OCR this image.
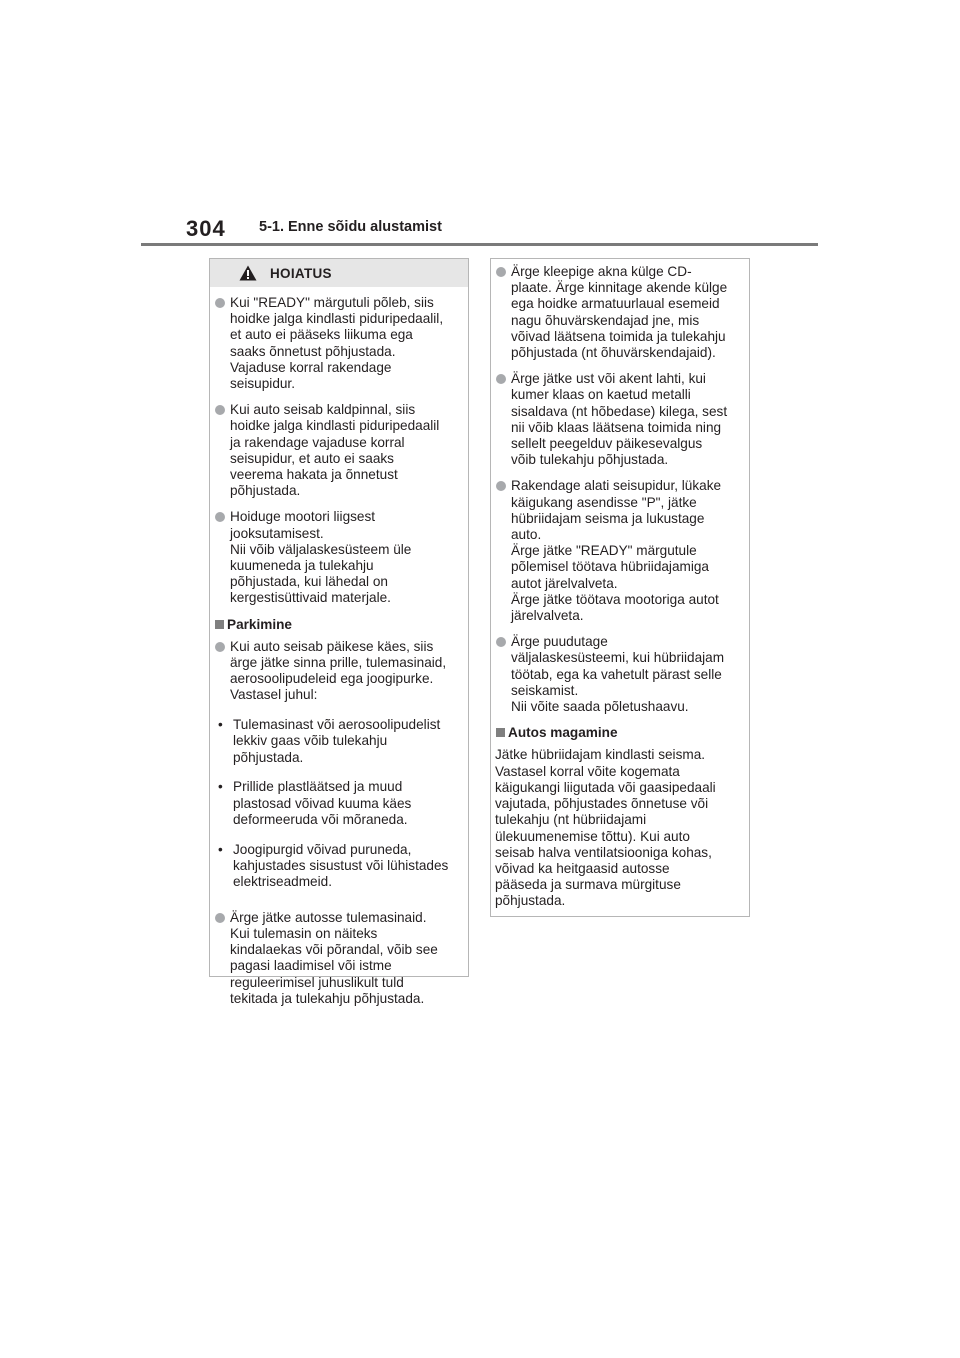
304 5-1. Enne sõidu alustamist
HOIATUS

Kui "READY" märgutuli põleb, siis
hoidke jalga kindlasti piduripedaalil,
et auto ei pääseks liikuma ega
saaks õnnetust põhjustada.
Vajaduse korral rakendage
seisupidur.

Kui auto seisab kaldpinnal, siis
hoidke jalga kindlasti piduripedaalil
ja rakendage vajaduse korral
seisupidur, et auto ei saaks
veerema hakata ja õnnetust
põhjustada.

Hoiduge mootori liigsest
jooksutamisest.
Nii võib väljalaskesüsteem üle
kuumeneda ja tulekahju
põhjustada, kui lähedal on
kergestisüttivaid materjale.

Parkimine

Kui auto seisab päikese käes, siis
ärge jätke sinna prille, tulemasinaid,
aerosoolipudeleid ega joogipurke.
Vastasel juhul:

• Tulemasinast või aerosoolipudelist
lekkiv gaas võib tulekahju
põhjustada.

• Prillide plastläätsed ja muud
plastosad võivad kuuma käes
deformeeruda või mõraneda.

• Joogipurgid võivad puruneda,
kahjustades sisustust või lühistades
elektriseadmeid.

Ärge jätke autosse tulemasinaid.
Kui tulemasin on näiteks
kindalaekas või põrandal, võib see
pagasi laadimisel või istme
reguleerimisel juhuslikult tuld
tekitada ja tulekahju põhjustada.

Ärge kleepige akna külge CD-
plaate. Ärge kinnitage akende külge
ega hoidke armatuurlaual esemeid
nagu õhuvärskendajad jne, mis
võivad läätsena toimida ja tulekahju
põhjustada (nt õhuvärskendajaid).

Ärge jätke ust või akent lahti, kui
kumer klaas on kaetud metalli
sisaldava (nt hõbedase) kilega, sest
nii võib klaas läätsena toimida ning
sellelt peegelduv päikesevalgus
võib tulekahju põhjustada.

Rakendage alati seisupidur, lükake
käigukang asendisse "P", jätke
hübriidajam seisma ja lukustage
auto.
Ärge jätke "READY" märgutule
põlemisel töötava hübriidajamiga
autot järelvalveta.
Ärge jätke töötava mootoriga autot
järelvalveta.

Ärge puudutage
väljalaskesüsteemi, kui hübriidajam
töötab, ega ka vahetult pärast selle
seiskamist.
Nii võite saada põletushaavu.

Autos magamine

Jätke hübriidajam kindlasti seisma.
Vastasel korral võite kogemata
käigukangi liigutada või gaasipedaali
vajutada, põhjustades õnnetuse või
tulekahju (nt hübriidajami
ülekuumenemise tõttu). Kui auto
seisab halva ventilatsiooniga kohas,
võivad ka heitgaasid autosse
pääseda ja surmava mürgituse
põhjustada.
